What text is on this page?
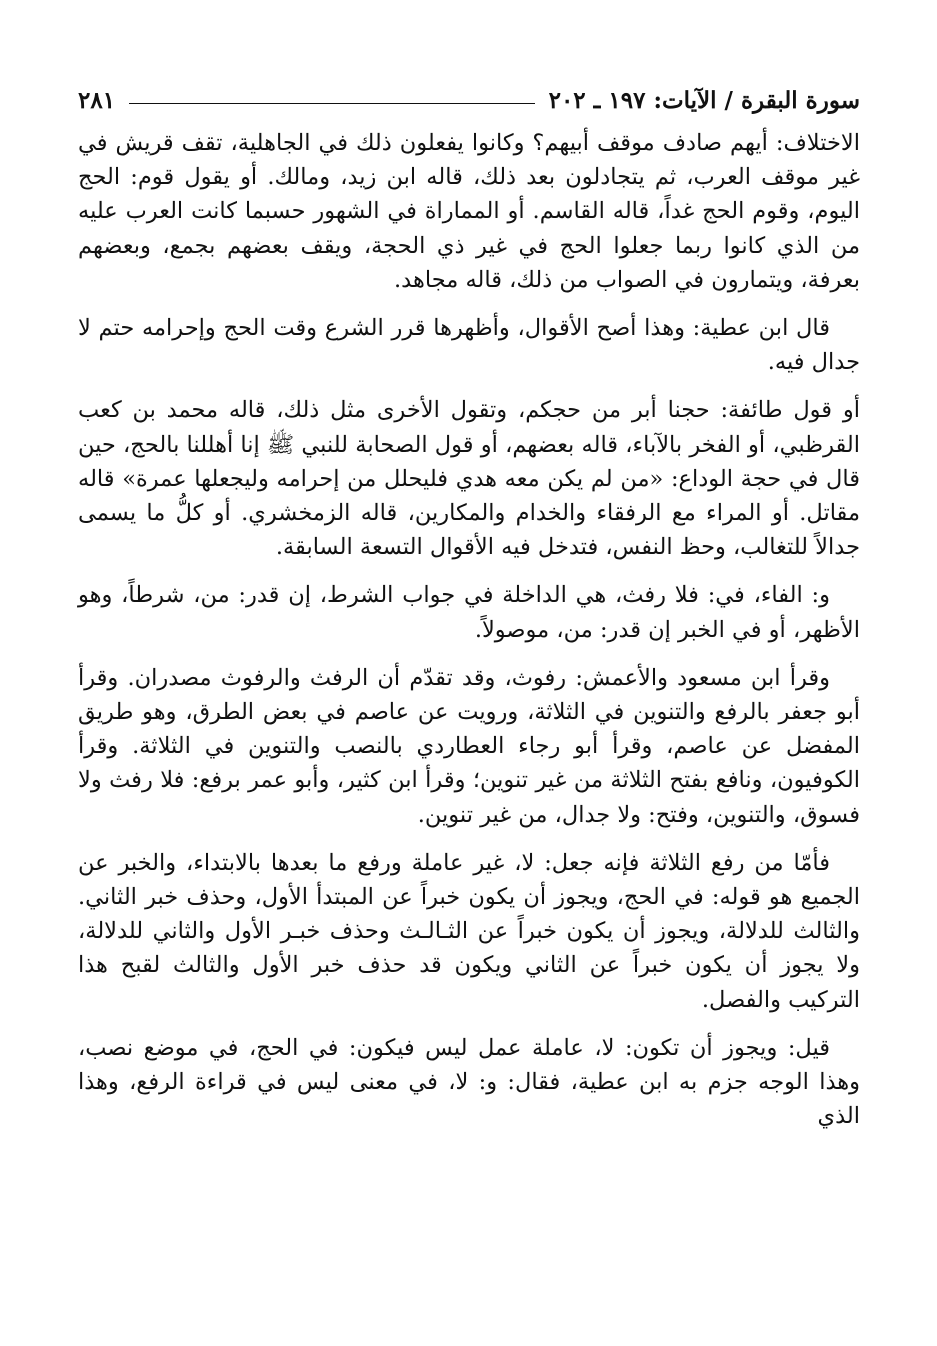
سورة البقرة / الآيات: ١٩٧ ـ ٢٠٢
٢٨١

الاختلاف: أيهم صادف موقف أبيهم؟ وكانوا يفعلون ذلك في الجاهلية، تقف قريش في غير موقف العرب، ثم يتجادلون بعد ذلك، قاله ابن زيد، ومالك. أو يقول قوم: الحج اليوم، وقوم الحج غداً، قاله القاسم. أو المماراة في الشهور حسبما كانت العرب عليه من الذي كانوا ربما جعلوا الحج في غير ذي الحجة، ويقف بعضهم بجمع، وبعضهم بعرفة، ويتمارون في الصواب من ذلك، قاله مجاهد.

قال ابن عطية: وهذا أصح الأقوال، وأظهرها قرر الشرع وقت الحج وإحرامه حتم لا جدال فيه.

أو قول طائفة: حجنا أبر من حجكم، وتقول الأخرى مثل ذلك، قاله محمد بن كعب القرظبي، أو الفخر بالآباء، قاله بعضهم، أو قول الصحابة للنبي ﷺ إنا أهللنا بالحج، حين قال في حجة الوداع: «من لم يكن معه هدي فليحلل من إحرامه وليجعلها عمرة» قاله مقاتل. أو المراء مع الرفقاء والخدام والمكارين، قاله الزمخشري. أو كلُّ ما يسمى جدالاً للتغالب، وحظ النفس، فتدخل فيه الأقوال التسعة السابقة.

و: الفاء، في: فلا رفث، هي الداخلة في جواب الشرط، إن قدر: من، شرطاً، وهو الأظهر، أو في الخبر إن قدر: من، موصولاً.

وقرأ ابن مسعود والأعمش: رفوث، وقد تقدّم أن الرفث والرفوث مصدران. وقرأ أبو جعفر بالرفع والتنوين في الثلاثة، ورويت عن عاصم في بعض الطرق، وهو طريق المفضل عن عاصم، وقرأ أبو رجاء العطاردي بالنصب والتنوين في الثلاثة. وقرأ الكوفيون، ونافع بفتح الثلاثة من غير تنوين؛ وقرأ ابن كثير، وأبو عمر برفع: فلا رفث ولا فسوق، والتنوين، وفتح: ولا جدال، من غير تنوين.

فأمّا من رفع الثلاثة فإنه جعل: لا، غير عاملة ورفع ما بعدها بالابتداء، والخبر عن الجميع هو قوله: في الحج، ويجوز أن يكون خبراً عن المبتدأ الأول، وحذف خبر الثاني. والثالث للدلالة، ويجوز أن يكون خبراً عن الثـالـث وحذف خبـر الأول والثاني للدلالة، ولا يجوز أن يكون خبراً عن الثاني ويكون قد حذف خبر الأول والثالث لقبح هذا التركيب والفصل.

قيل: ويجوز أن تكون: لا، عاملة عمل ليس فيكون: في الحج، في موضع نصب، وهذا الوجه جزم به ابن عطية، فقال: و: لا، في معنى ليس في قراءة الرفع، وهذا الذي
